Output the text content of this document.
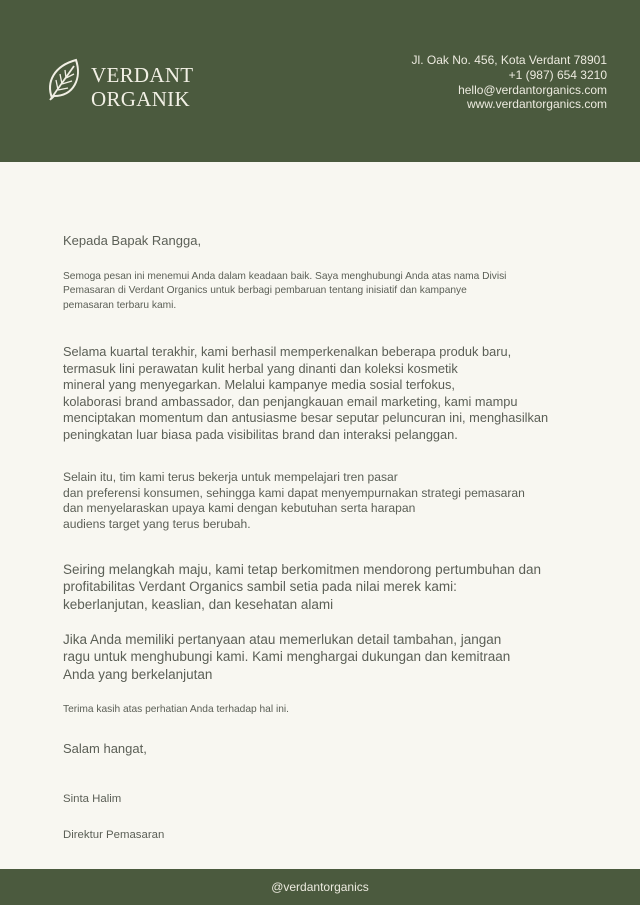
VERDANT
ORGANIK
Jl. Oak No. 456, Kota Verdant 78901
+1 (987) 654 3210
hello@verdantorganics.com
www.verdantorganics.com

Kepada Bapak Rangga,

Semoga pesan ini menemui Anda dalam keadaan baik. Saya menghubungi Anda atas nama Divisi
Pemasaran di Verdant Organics untuk berbagi pembaruan tentang inisiatif dan kampanye
pemasaran terbaru kami.

Selama kuartal terakhir, kami berhasil memperkenalkan beberapa produk baru,
termasuk lini perawatan kulit herbal yang dinanti dan koleksi kosmetik
mineral yang menyegarkan. Melalui kampanye media sosial terfokus,
kolaborasi brand ambassador, dan penjangkauan email marketing, kami mampu
menciptakan momentum dan antusiasme besar seputar peluncuran ini, menghasilkan
peningkatan luar biasa pada visibilitas brand dan interaksi pelanggan.

Selain itu, tim kami terus bekerja untuk mempelajari tren pasar
dan preferensi konsumen, sehingga kami dapat menyempurnakan strategi pemasaran
dan menyelaraskan upaya kami dengan kebutuhan serta harapan
audiens target yang terus berubah.

Seiring melangkah maju, kami tetap berkomitmen mendorong pertumbuhan dan
profitabilitas Verdant Organics sambil setia pada nilai merek kami:
keberlanjutan, keaslian, dan kesehatan alami

Jika Anda memiliki pertanyaan atau memerlukan detail tambahan, jangan
ragu untuk menghubungi kami. Kami menghargai dukungan dan kemitraan
Anda yang berkelanjutan

Terima kasih atas perhatian Anda terhadap hal ini.

Salam hangat,

Sinta Halim

Direktur Pemasaran

@verdantorganics
